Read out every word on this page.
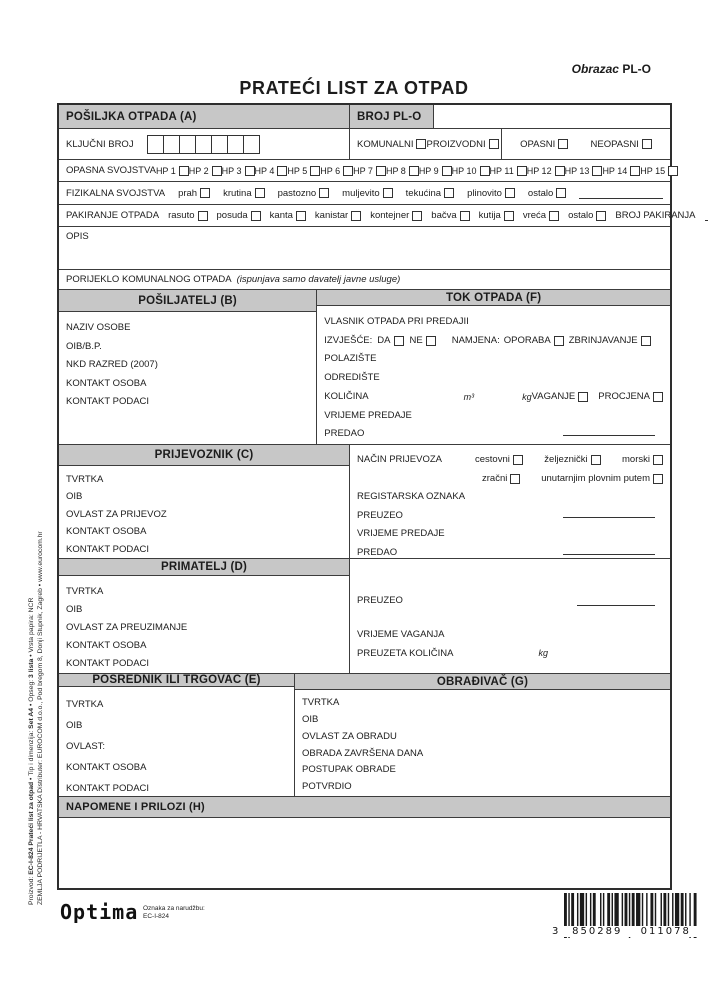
Obrazac PL-O
PRATEĆI LIST ZA OTPAD
Proizvod: EC-I-824 Prateći list za otpad • Tip i dimenzija: Set A4 • Opseg: 3 lista • Vrsta papira: NCR ZEMLJA PODRIJETLA - HRVATSKA Distributer: EUROCOM d.o.o., Pod bregom 8, Donji Stupnik, Zagreb • www.eurocom.hr
POŠILJKA OTPADA (A)	BROJ PL-O
KLJUČNI BROJ	KOMUNALNI PROIZVODNI	OPASNI	NEOPASNI
OPASNA SVOJSTVA HP 1 HP 2 HP 3 HP 4 HP 5 HP 6 HP 7 HP 8 HP 9 HP 10 HP 11 HP 12 HP 13 HP 14 HP 15
FIZIKALNA SVOJSTVA prah	krutina	pastozno	muljevito	tekućina	plinovito	ostalo
PAKIRANJE OTPADA rasuto posuda kanta kanistar kontejner bačva kutija vreća ostalo BROJ PAKIRANJA
OPIS
PORIJEKLO KOMUNALNOG OTPADA (ispunjava samo davatelj javne usluge)
POŠILJATELJ (B)
NAZIV OSOBE
OIB/B.P.
NKD RAZRED (2007)
KONTAKT OSOBA
KONTAKT PODACI
TOK OTPADA (F)
VLASNIK OTPADA PRI PREDAJII
IZVJEŠĆE: DA NE	NAMJENA: OPORABA ZBRINJAVANJE
POLAZIŠTE
ODREDIŠTE
KOLIČINA	m³	kg VAGANJE PROCJENA
VRIJEME PREDAJE
PREDAO
PRIJEVOZNIK (C)
TVRTKA
OIB
OVLAST ZA PRIJEVOZ
KONTAKT OSOBA
KONTAKT PODACI
NAČIN PRIJEVOZA	cestovni	željeznički	morski
zračni	unutarnjim plovnim putem
REGISTARSKA OZNAKA
PREUZEO
VRIJEME PREDAJE
PREDAO
PRIMATELJ (D)
TVRTKA
OIB
OVLAST ZA PREUZIMANJE
KONTAKT OSOBA
KONTAKT PODACI
PREUZEO
VRIJEME VAGANJA
PREUZETA KOLIČINA	kg
POSREDNIK ILI TRGOVAC (E)
TVRTKA
OIB
OVLAST:
KONTAKT OSOBA
KONTAKT PODACI
OBRAĐIVAČ (G)
TVRTKA
OIB
OVLAST ZA OBRADU
OBRADA ZAVRŠENA DANA
POSTUPAK OBRADE
POTVRDIO
NAPOMENE I PRILOZI (H)
Optima Oznaka za narudžbu:
EC-I-824
3	850289	011078
